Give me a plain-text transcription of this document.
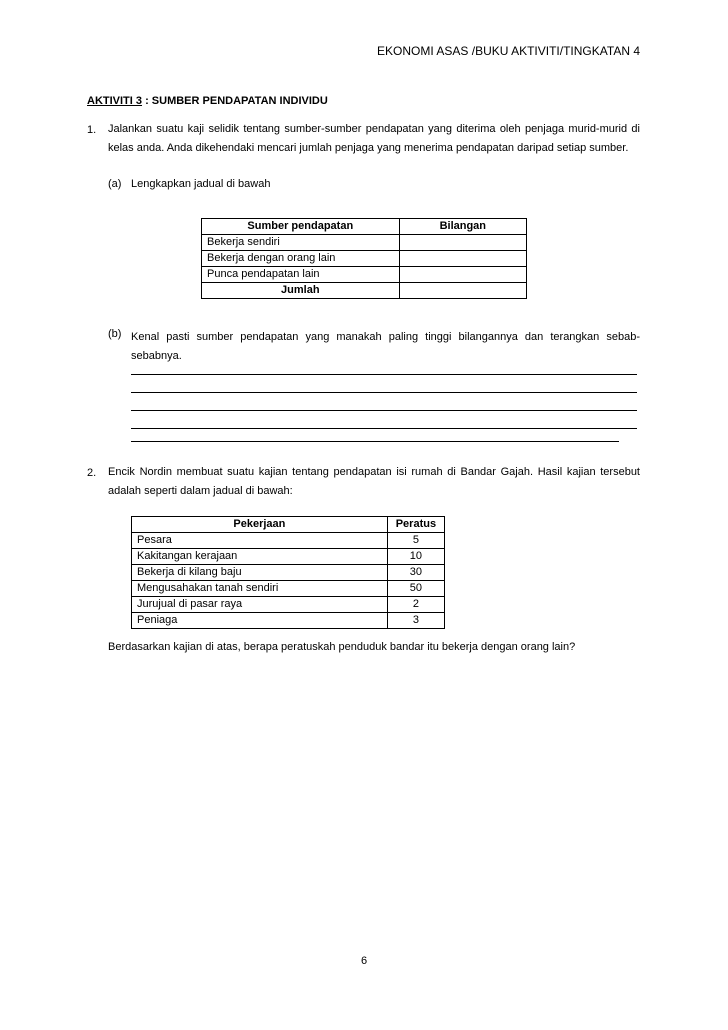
EKONOMI ASAS /BUKU AKTIVITI/TINGKATAN 4
AKTIVITI 3 : SUMBER PENDAPATAN INDIVIDU
1. Jalankan suatu kaji selidik tentang sumber-sumber pendapatan yang diterima oleh penjaga murid-murid di kelas anda. Anda dikehendaki mencari jumlah penjaga yang menerima pendapatan daripad setiap sumber.
(a) Lengkapkan jadual di bawah
Sumber pendapatan	Bilangan
Bekerja sendiri	
Bekerja dengan orang lain	
Punca pendapatan lain	
Jumlah	
(b) Kenal pasti sumber pendapatan yang manakah paling tinggi bilangannya dan terangkan sebab-sebabnya.
2. Encik Nordin membuat suatu kajian tentang pendapatan isi rumah di Bandar Gajah. Hasil kajian tersebut adalah seperti dalam jadual di bawah:
Pekerjaan	Peratus
Pesara	5
Kakitangan kerajaan	10
Bekerja di kilang baju	30
Mengusahakan tanah sendiri	50
Jurujual di pasar raya	2
Peniaga	3
Berdasarkan kajian di atas, berapa peratuskah penduduk bandar itu bekerja dengan orang lain?
6
